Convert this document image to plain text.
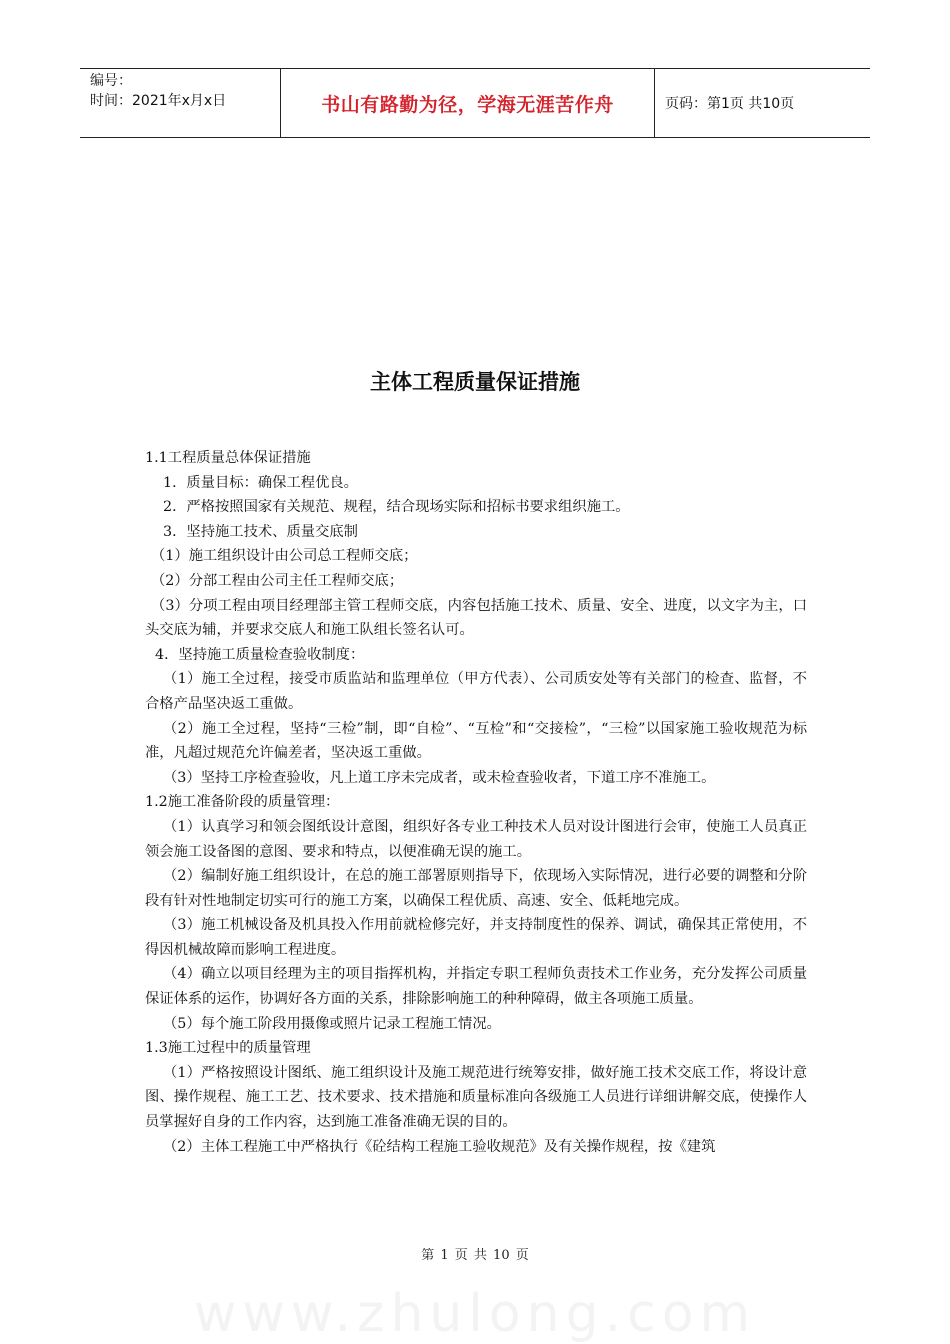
编号：
时间：2021年x月x日	书山有路勤为径，学海无涯苦作舟	页码：第1页 共10页
主体工程质量保证措施

1.1工程质量总体保证措施

1．质量目标：确保工程优良。

2．严格按照国家有关规范、规程，结合现场实际和招标书要求组织施工。

3．坚持施工技术、质量交底制

（1）施工组织设计由公司总工程师交底；

（2）分部工程由公司主任工程师交底；

（3）分项工程由项目经理部主管工程师交底，内容包括施工技术、质量、安全、进度，以文字为主，口头交底为辅，并要求交底人和施工队组长签名认可。

4．坚持施工质量检查验收制度：

（1）施工全过程，接受市质监站和监理单位（甲方代表）、公司质安处等有关部门的检查、监督，不合格产品坚决返工重做。

（2）施工全过程，坚持“三检”制，即“自检”、“互检”和“交接检”，“三检”以国家施工验收规范为标准，凡超过规范允许偏差者，坚决返工重做。

（3）坚持工序检查验收，凡上道工序未完成者，或未检查验收者，下道工序不准施工。

1.2施工准备阶段的质量管理：

（1）认真学习和领会图纸设计意图，组织好各专业工种技术人员对设计图进行会审，使施工人员真正领会施工设备图的意图、要求和特点，以便准确无误的施工。

（2）编制好施工组织设计，在总的施工部署原则指导下，依现场入实际情况，进行必要的调整和分阶段有针对性地制定切实可行的施工方案，以确保工程优质、高速、安全、低耗地完成。

（3）施工机械设备及机具投入作用前就检修完好，并支持制度性的保养、调试，确保其正常使用，不得因机械故障而影响工程进度。

（4）确立以项目经理为主的项目指挥机构，并指定专职工程师负责技术工作业务，充分发挥公司质量保证体系的运作，协调好各方面的关系，排除影响施工的种种障碍，做主各项施工质量。

（5）每个施工阶段用摄像或照片记录工程施工情况。

1.3施工过程中的质量管理

（1）严格按照设计图纸、施工组织设计及施工规范进行统筹安排，做好施工技术交底工作，将设计意图、操作规程、施工工艺、技术要求、技术措施和质量标准向各级施工人员进行详细讲解交底，使操作人员掌握好自身的工作内容，达到施工准备准确无误的目的。

（2）主体工程施工中严格执行《砼结构工程施工验收规范》及有关操作规程，按《建筑

第 1 页 共 10 页
www.zhulong.com
